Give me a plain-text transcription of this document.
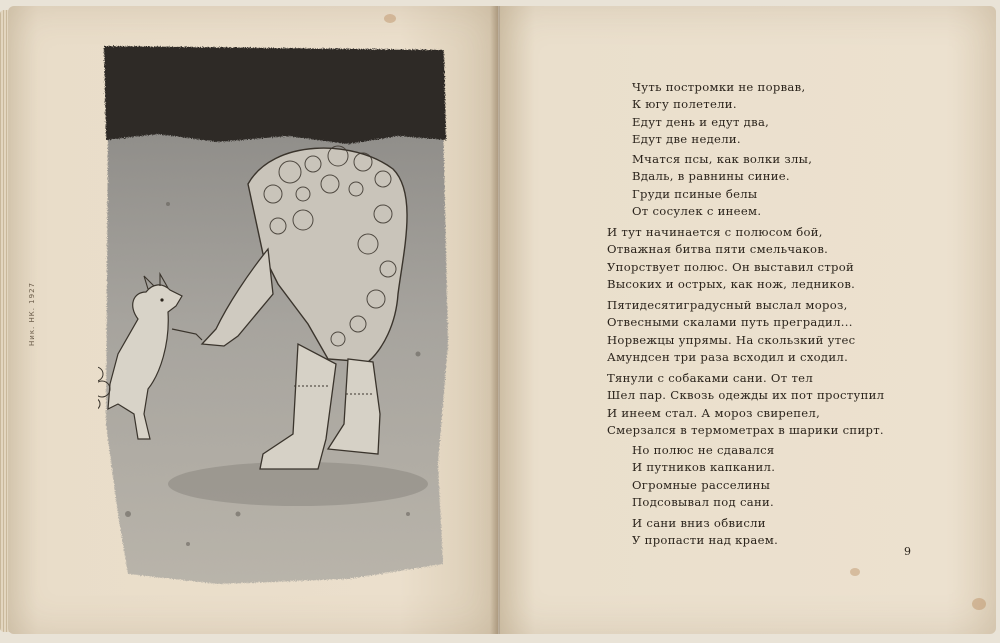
Ник. НК. 1927
Чуть постромки не порвав,
К югу полетели.
Едут день и едут два,
Едут две недели.
Мчатся псы, как волки злы,
Вдаль, в равнины синие.
Груди псиные белы
От сосулек с инеем.
И тут начинается с полюсом бой,
Отважная битва пяти смельчаков.
Упорствует полюс. Он выставил строй
Высоких и острых, как нож, ледников.
Пятидесятиградусный выслал мороз,
Отвесными скалами путь преградил...
Норвежцы упрямы. На скользкий утес
Амундсен три раза всходил и сходил.
Тянули с собаками сани. От тел
Шел пар. Сквозь одежды их пот проступил
И инеем стал. А мороз свирепел,
Смерзался в термометрах в шарики спирт.
Но полюс не сдавался
И путников капканил.
Огромные расселины
Подсовывал под сани.
И сани вниз обвисли
У пропасти над краем.
9
